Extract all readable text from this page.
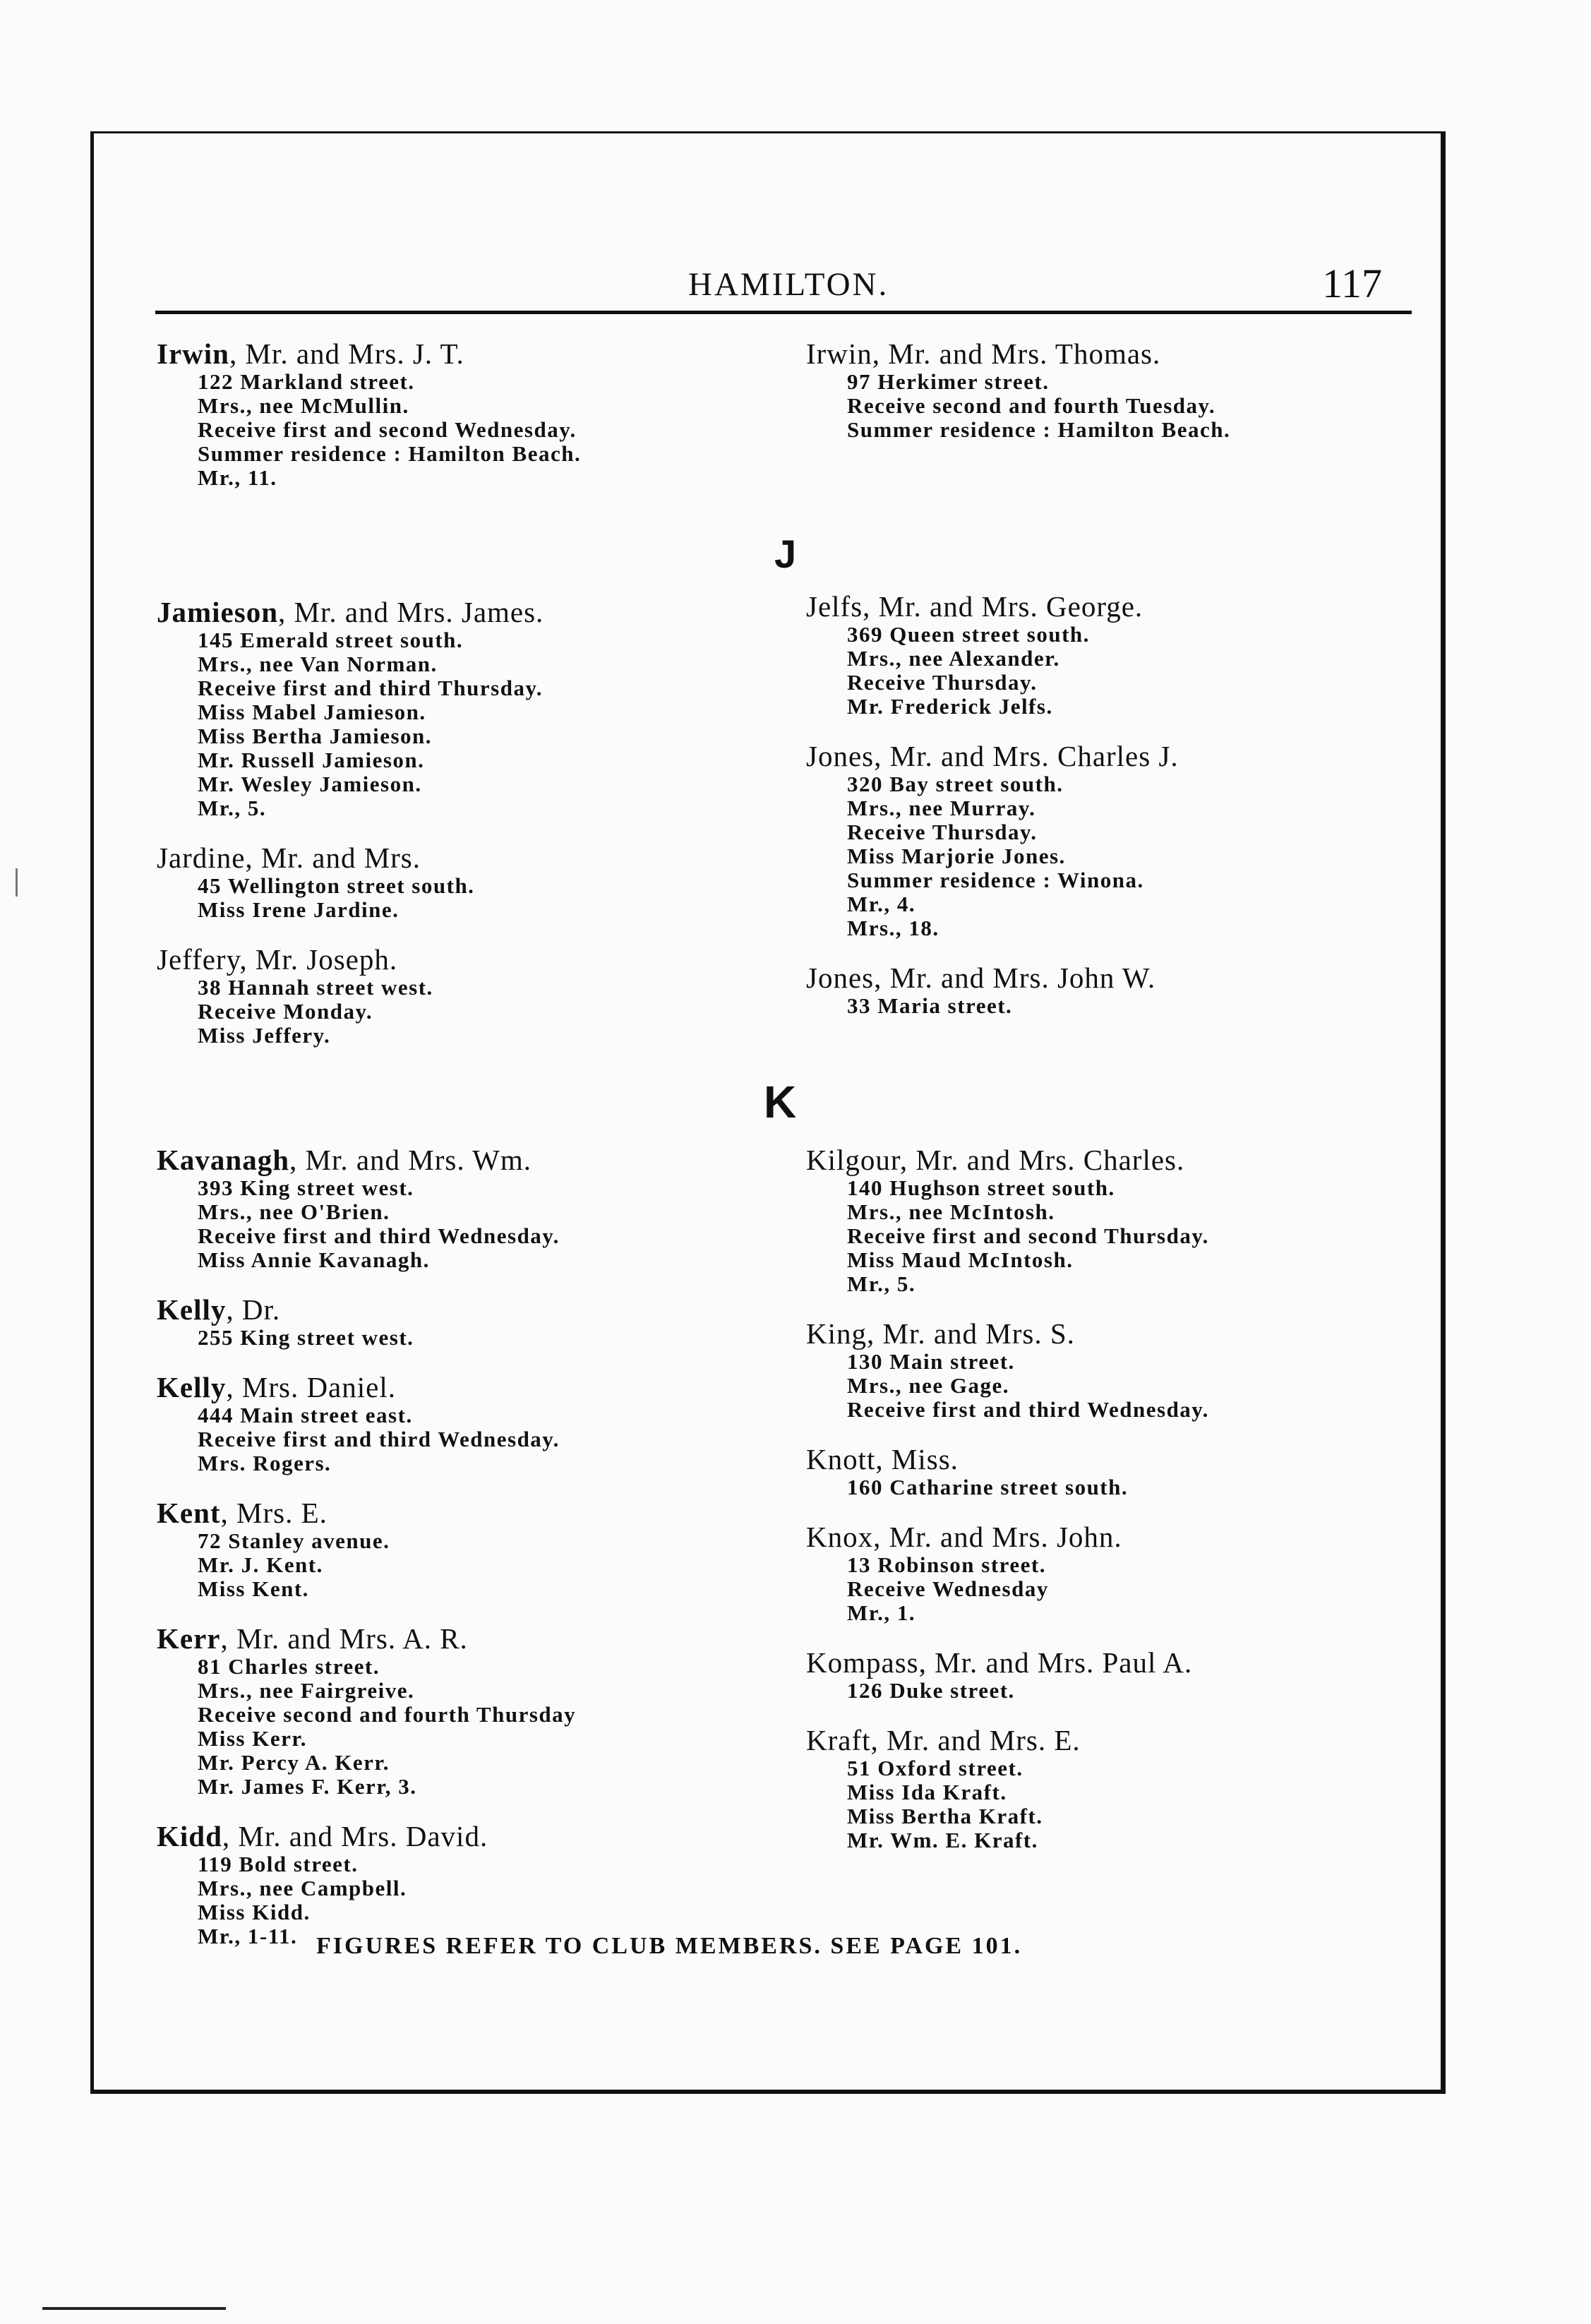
HAMILTON.	117
Irwin, Mr. and Mrs. J. T.
122 Markland street.
Mrs., nee McMullin.
Receive first and second Wednesday.
Summer residence : Hamilton Beach.
Mr., 11.
Irwin, Mr. and Mrs. Thomas.
97 Herkimer street.
Receive second and fourth Tuesday.
Summer residence : Hamilton Beach.
J
Jamieson, Mr. and Mrs. James.
145 Emerald street south.
Mrs., nee Van Norman.
Receive first and third Thursday.
Miss Mabel Jamieson.
Miss Bertha Jamieson.
Mr. Russell Jamieson.
Mr. Wesley Jamieson.
Mr., 5.
Jardine, Mr. and Mrs.
45 Wellington street south.
Miss Irene Jardine.
Jeffery, Mr. Joseph.
38 Hannah street west.
Receive Monday.
Miss Jeffery.
Jelfs, Mr. and Mrs. George.
369 Queen street south.
Mrs., nee Alexander.
Receive Thursday.
Mr. Frederick Jelfs.
Jones, Mr. and Mrs. Charles J.
320 Bay street south.
Mrs., nee Murray.
Receive Thursday.
Miss Marjorie Jones.
Summer residence : Winona.
Mr., 4.
Mrs., 18.
Jones, Mr. and Mrs. John W.
33 Maria street.
K
Kavanagh, Mr. and Mrs. Wm.
393 King street west.
Mrs., nee O'Brien.
Receive first and third Wednesday.
Miss Annie Kavanagh.
Kelly, Dr.
255 King street west.
Kelly, Mrs. Daniel.
444 Main street east.
Receive first and third Wednesday.
Mrs. Rogers.
Kent, Mrs. E.
72 Stanley avenue.
Mr. J. Kent.
Miss Kent.
Kerr, Mr. and Mrs. A. R.
81 Charles street.
Mrs., nee Fairgreive.
Receive second and fourth Thursday
Miss Kerr.
Mr. Percy A. Kerr.
Mr. James F. Kerr, 3.
Kidd, Mr. and Mrs. David.
119 Bold street.
Mrs., nee Campbell.
Miss Kidd.
Mr., 1-11.
Kilgour, Mr. and Mrs. Charles.
140 Hughson street south.
Mrs., nee McIntosh.
Receive first and second Thursday.
Miss Maud McIntosh.
Mr., 5.
King, Mr. and Mrs. S.
130 Main street.
Mrs., nee Gage.
Receive first and third Wednesday.
Knott, Miss.
160 Catharine street south.
Knox, Mr. and Mrs. John.
13 Robinson street.
Receive Wednesday
Mr., 1.
Kompass, Mr. and Mrs. Paul A.
126 Duke street.
Kraft, Mr. and Mrs. E.
51 Oxford street.
Miss Ida Kraft.
Miss Bertha Kraft.
Mr. Wm. E. Kraft.
FIGURES REFER TO CLUB MEMBERS. SEE PAGE 101.
